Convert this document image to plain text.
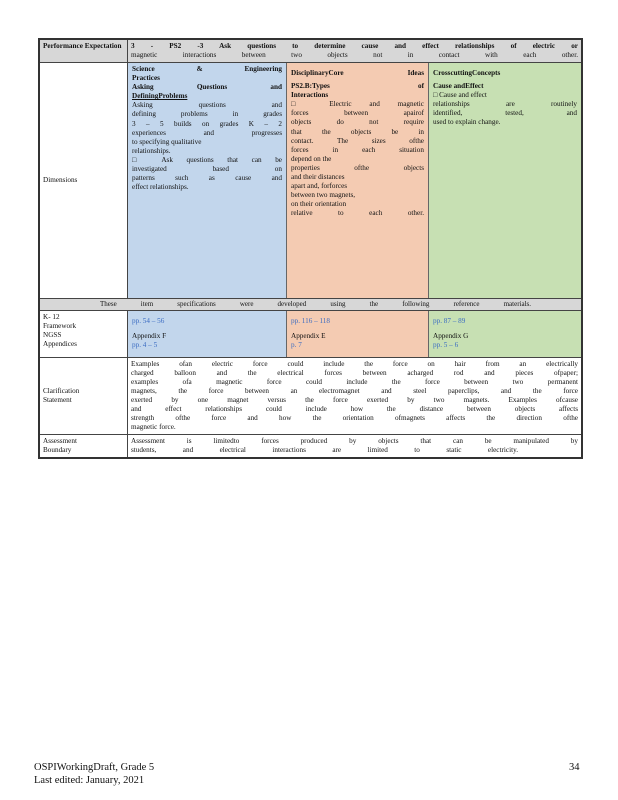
Performance Expectation	3 - PS2 -3 Ask questions to determine cause and effect relationships of electric or
magnetic interactions between two objects not in contact with each other.
Dimensions
Science & Engineering
Practices
Asking Questions and
DefiningProblems
Asking questions and
defining problems in grades
3 – 5 builds on grades K – 2
experiences and progresses
to specifying qualitative
relationships.
□ Ask questions that can be
investigated based on
patterns such as cause and
effect relationships.
DisciplinaryCore Ideas
PS2.B:Types of
Interactions
□ Electric and magnetic
forces between apairof
objects do not require
that the objects be in
contact. The sizes ofthe
forces in each situation
depend on the
properties ofthe objects
and their distances
apart and, forforces
between two magnets,
on their orientation
relative to each other.
CrosscuttingConcepts
Cause andEffect
□ Cause and effect
relationships are routinely
identified, tested, and
used to explain change.
These item specifications were developed using the following reference materials.
K- 12
Framework
NGSS
Appendices
pp. 54 – 56
Appendix F
pp. 4 – 5
pp. 116 – 118
Appendix E
p. 7
pp. 87 – 89
Appendix G
pp. 5 – 6
Clarification
Statement
Examples ofan electric force could include the force on hair from an electrically
charged balloon and the electrical forces between acharged rod and pieces ofpaper;
examples ofa magnetic force could include the force between two permanent
magnets, the force between an electromagnet and steel paperclips, and the force
exerted by one magnet versus the force exerted by two magnets. Examples ofcause
and effect relationships could include how the distance between objects affects
strength ofthe force and how the orientation ofmagnets affects the direction ofthe
magnetic force.
Assessment
Boundary
Assessment is limitedto forces produced by objects that can be manipulated by
students, and electrical interactions are limited to static electricity.
OSPIWorkingDraft, Grade 5
Last edited: January, 2021
34
